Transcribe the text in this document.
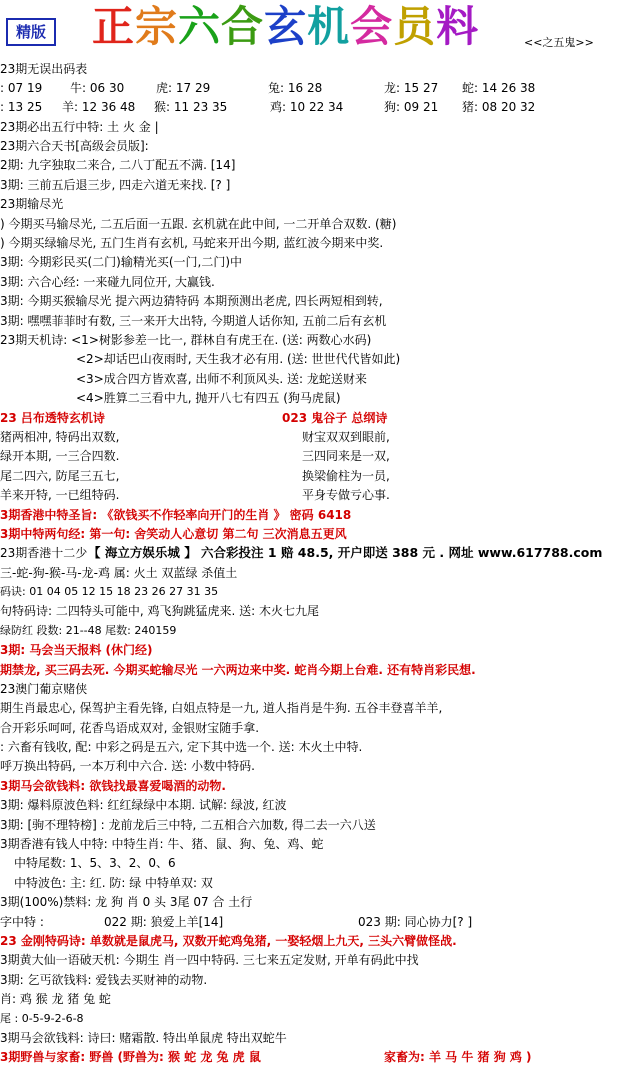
精版 正宗六合玄机会员料	<<之五鬼>>
23期无误出码表
: 07 19 牛: 06 30	虎: 17 29	兔: 16 28	龙: 15 27 蛇: 14 26 38
: 13 25 羊: 12 36 48 猴: 11 23 35	鸡: 10 22 34	狗: 09 21 猪: 08 20 32
23期必出五行中特: 土 火 金 |
23期六合天书[高级会员版]:
2期: 九字独取二来合, 二八丁配五不满. [14]
3期: 三前五后退三步, 四走六道无来找. [? ]
23期输尽光
) 今期买马输尽光, 二五后面一五跟. 玄机就在此中间, 一二开单合双数. (糖)
) 今期买绿输尽光, 五门生肖有玄机, 马蛇来开出今期, 蓝红波今期来中奖.
3期: 今期彩民买(二门)输精光买(一门,二门)中
3期: 六合心经: 一来碰九同位开, 大赢钱.
3期: 今期买猴输尽光 提六两边猜特码 本期预测出老虎, 四长两短相到转,
3期: 嘿嘿菲菲时有数, 三一来开大出特, 今期道人话你知, 五前二后有玄机
23期天机诗: <1>树影参差一比一, 群林自有虎王在. (送: 两数心水码)
<2>却话巴山夜雨时, 天生我才必有用. (送: 世世代代皆如此)
<3>成合四方皆欢喜, 出师不利顶风头. 送: 龙蛇送财来
<4>胜算二三看中九, 抛开八七有四五 (狗马虎鼠)
23 吕布透特玄机诗	023 鬼谷子 总纲诗
猪两相冲, 特码出双数,	财宝双双到眼前,
绿开本期, 一三合四数.	三四同来是一双,
尾二四六, 防尾三五七,	换梁偷柱为一员,
羊来开特, 一已组特码.	平身专做亏心事.
3期香港中特圣旨: 《欲钱买不作轻率向开门的生肖 》 密码 6418
3期中特两句经: 第一句: 舍笑动人心意切 第二句 三次消息五更风
23期香港十二少 【 海立方娱乐城 】 六合彩投注 1 赔 48.5, 开户即送 388 元 . 网址 www.617788.com
三-蛇-狗-猴-马-龙-鸡 属: 火土 双蓝绿 杀值土
码诀: 01 04 05 12 15 18 23 26 27 31 35
句特码诗: 二四特头可能中, 鸡飞狗跳猛虎来. 送: 木火七九尾
绿防红 段数: 21--48 尾数: 240159
3期: 马会当天报料 (休门经)
期禁龙, 买三码去死. 今期买蛇输尽光 一六两边来中奖. 蛇肖今期上台难. 还有特肖彩民想.
23澳门葡京赌侠
期生肖最忠心, 保驾护主看先锋, 白姐点特是一九, 道人指肖是牛狗. 五谷丰登喜羊羊,
合开彩乐呵呵, 花香鸟语成双对, 金银财宝随手拿.
: 六畜有钱收, 配: 中彩之码是五六, 定下其中选一个. 送: 木火土中特.
呼万换出特码, 一本万利中六合. 送: 小数中特码.
3期马会欲钱料: 欲钱找最喜爱喝酒的动物.
3期: 爆料原波色料: 红红绿绿中本期. 试解: 绿波, 红波
3期: [驹不理特榜] : 龙前龙后三中特, 二五相合六加数, 得二去一六八送
3期香港有钱人中特: 中特生肖: 牛、猪、鼠、狗、兔、鸡、蛇
中特尾数: 1、5、3、2、0、6
中特波色: 主: 红. 防: 绿 中特单双: 双
3期(100%)禁料: 龙 狗 肖 0 头 3尾 07 合 土行
字中特 :	022 期: 狼爱上羊[14]	023 期: 同心协力[? ]
23 金刚特码诗: 单数就是鼠虎马, 双数开蛇鸡兔猪, 一娶轻烟上九天, 三头六臂做怪战.
3期黄大仙一语破天机: 今期生 肖一四中特码. 三七来五定发财, 开单有码此中找
3期: 乞丐欲钱料: 爱钱去买财神的动物.
肖: 鸡 猴 龙 猪 兔 蛇
尾 : 0-5-9-2-6-8
3期马会欲钱料: 诗曰: 赌霜散. 特出单鼠虎 特出双蛇牛
3期野兽与家畜: 野兽 (野兽为: 猴 蛇 龙 兔 虎 鼠	家畜为: 羊 马 牛 猪 狗 鸡 )
